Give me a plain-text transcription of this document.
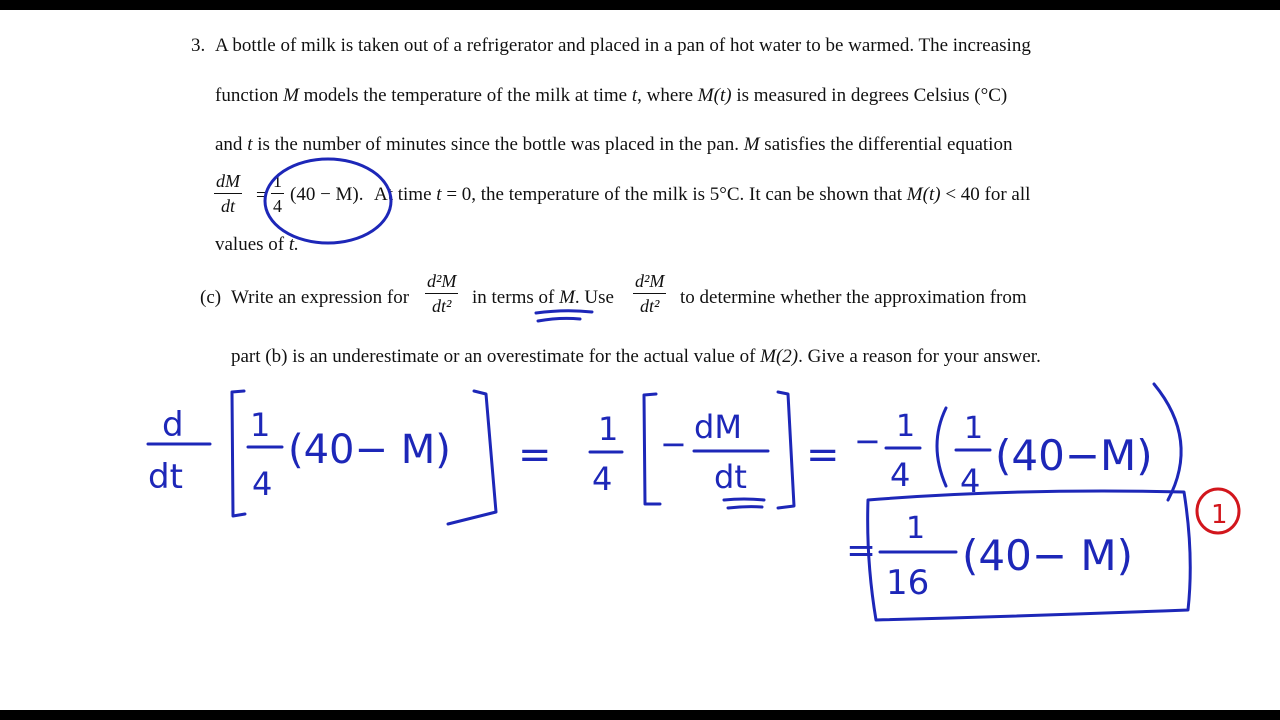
3. A bottle of milk is taken out of a refrigerator and placed in a pan of hot water to be warmed. The increasing
function M models the temperature of the milk at time t, where M(t) is measured in degrees Celsius (°C)
and t is the number of minutes since the bottle was placed in the pan. M satisfies the differential equation
dM
dt	=
1
4
(40 − M). At time t = 0, the temperature of the milk is 5°C. It can be shown that M(t) < 40 for all
values of t.
(c) Write an expression for
d²M
dt²	in terms of M. Use
d²M
dt²	to determine whether the approximation from
part (b) is an underestimate or an overestimate for the actual value of M(2). Give a reason for your answer.
d
dt
1
4
(40− M) =
1
4
− dM
dt = − 1
4
1
4
(40−M)
=
1
16
(40− M)
1
